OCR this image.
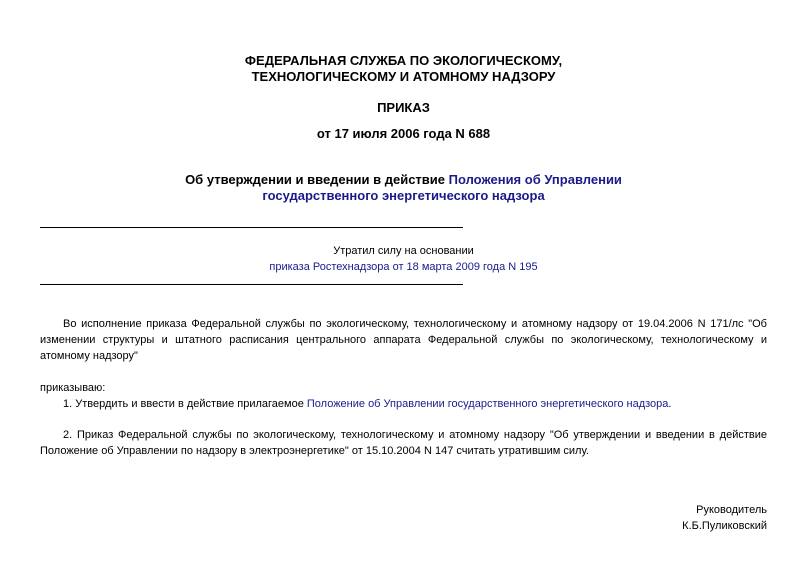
ФЕДЕРАЛЬНАЯ СЛУЖБА ПО ЭКОЛОГИЧЕСКОМУ,
ТЕХНОЛОГИЧЕСКОМУ И АТОМНОМУ НАДЗОРУ
ПРИКАЗ
от 17 июля 2006 года N 688
Об утверждении и введении в действие Положения об Управлении
государственного энергетического надзора
Утратил силу на основании
приказа Ростехнадзора от 18 марта 2009 года N 195
Во исполнение приказа Федеральной службы по экологическому, технологическому и атомному надзору от 19.04.2006 N 171/лс "Об изменении структуры и штатного расписания центрального аппарата Федеральной службы по экологическому, технологическому и атомному надзору"
приказываю:
1. Утвердить и ввести в действие прилагаемое Положение об Управлении государственного энергетического надзора.
2. Приказ Федеральной службы по экологическому, технологическому и атомному надзору "Об утверждении и введении в действие Положение об Управлении по надзору в электроэнергетике" от 15.10.2004 N 147 считать утратившим силу.
Руководитель
К.Б.Пуликовский
